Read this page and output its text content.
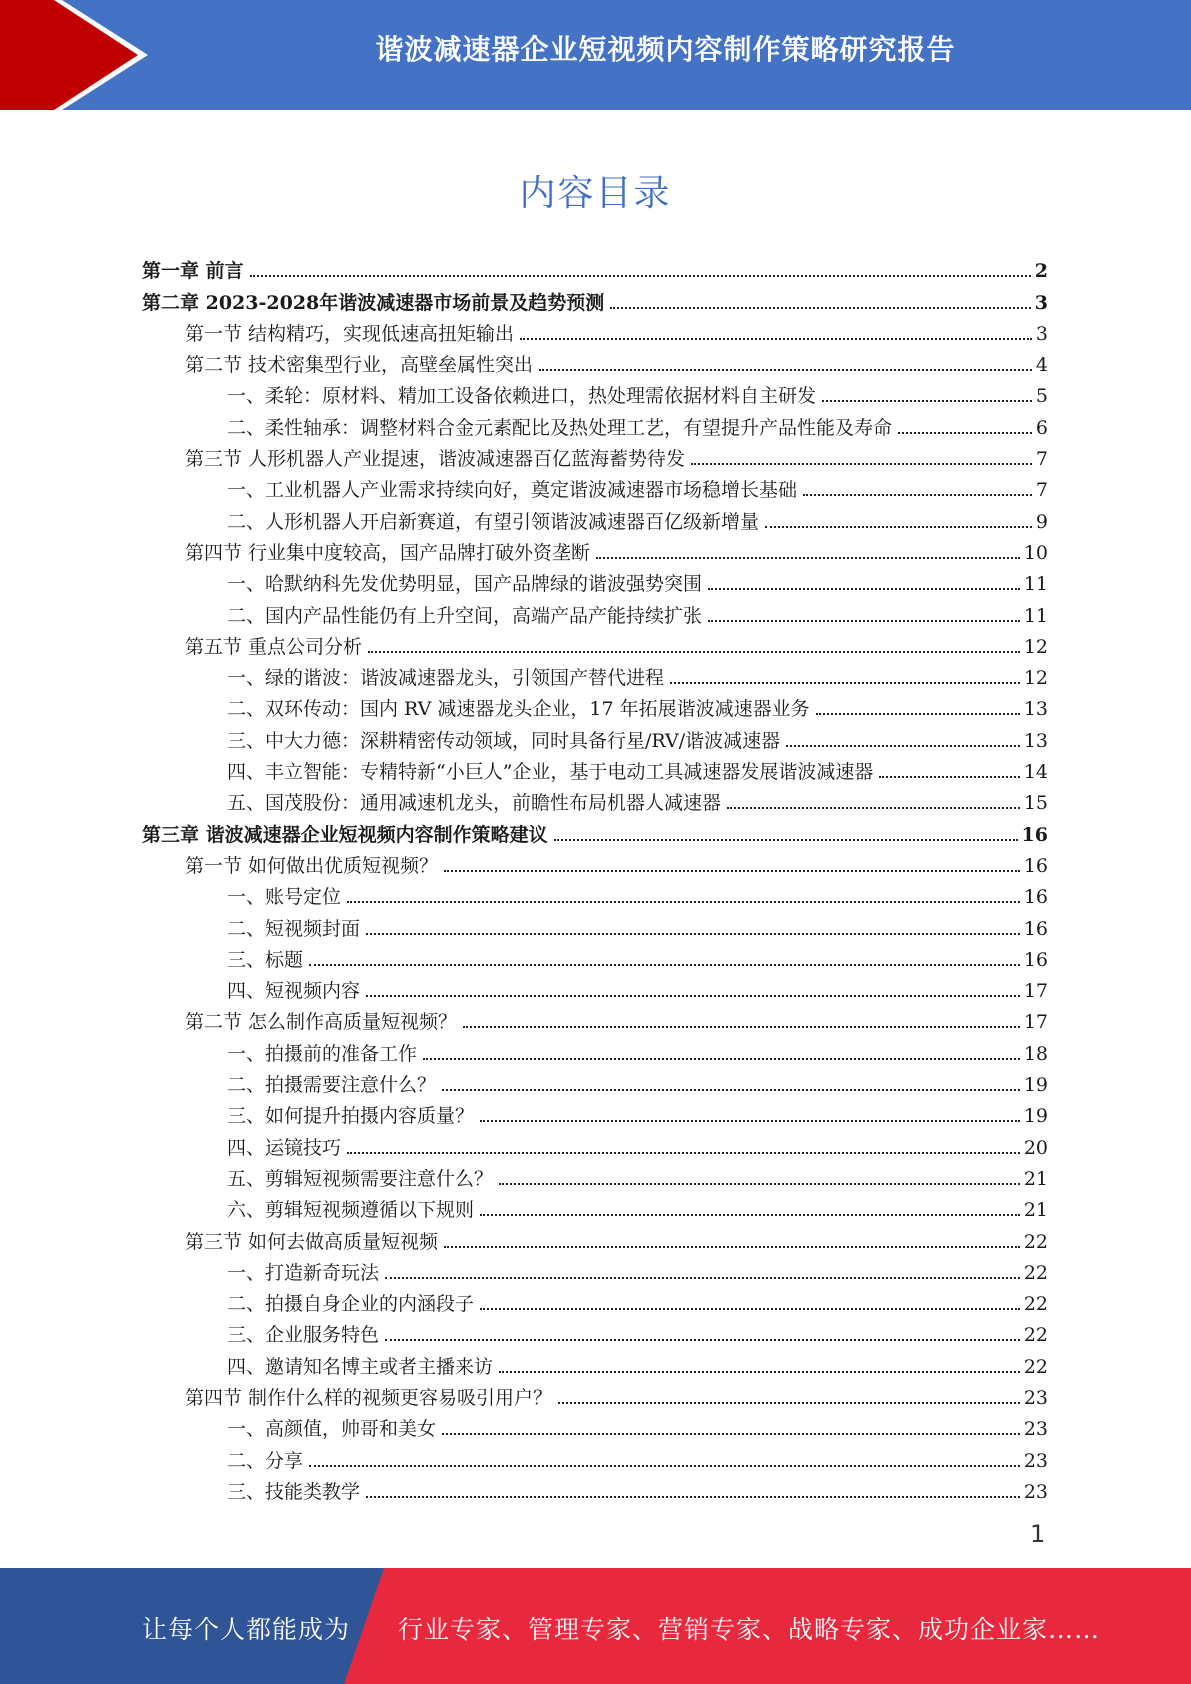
谐波减速器企业短视频内容制作策略研究报告
内容目录
第一章 前言	2
第二章 2023-2028年谐波减速器市场前景及趋势预测	3
第一节 结构精巧，实现低速高扭矩输出	3
第二节 技术密集型行业，高壁垒属性突出	4
一、柔轮：原材料、精加工设备依赖进口，热处理需依据材料自主研发	5
二、柔性轴承：调整材料合金元素配比及热处理工艺，有望提升产品性能及寿命	6
第三节 人形机器人产业提速，谐波减速器百亿蓝海蓄势待发	7
一、工业机器人产业需求持续向好，奠定谐波减速器市场稳增长基础	7
二、人形机器人开启新赛道，有望引领谐波减速器百亿级新增量	9
第四节 行业集中度较高，国产品牌打破外资垄断	10
一、哈默纳科先发优势明显，国产品牌绿的谐波强势突围	11
二、国内产品性能仍有上升空间，高端产品产能持续扩张	11
第五节 重点公司分析	12
一、绿的谐波：谐波减速器龙头，引领国产替代进程	12
二、双环传动：国内 RV 减速器龙头企业，17 年拓展谐波减速器业务	13
三、中大力德：深耕精密传动领域，同时具备行星/RV/谐波减速器	13
四、丰立智能：专精特新“小巨人”企业，基于电动工具减速器发展谐波减速器	14
五、国茂股份：通用减速机龙头，前瞻性布局机器人减速器	15
第三章 谐波减速器企业短视频内容制作策略建议	16
第一节 如何做出优质短视频？	16
一、账号定位	16
二、短视频封面	16
三、标题	16
四、短视频内容	17
第二节 怎么制作高质量短视频？	17
一、拍摄前的准备工作	18
二、拍摄需要注意什么？	19
三、如何提升拍摄内容质量？	19
四、运镜技巧	20
五、剪辑短视频需要注意什么？	21
六、剪辑短视频遵循以下规则	21
第三节 如何去做高质量短视频	22
一、打造新奇玩法	22
二、拍摄自身企业的内涵段子	22
三、企业服务特色	22
四、邀请知名博主或者主播来访	22
第四节 制作什么样的视频更容易吸引用户？	23
一、高颜值，帅哥和美女	23
二、分享	23
三、技能类教学	23
1
让每个人都能成为 行业专家、管理专家、营销专家、战略专家、成功企业家……
